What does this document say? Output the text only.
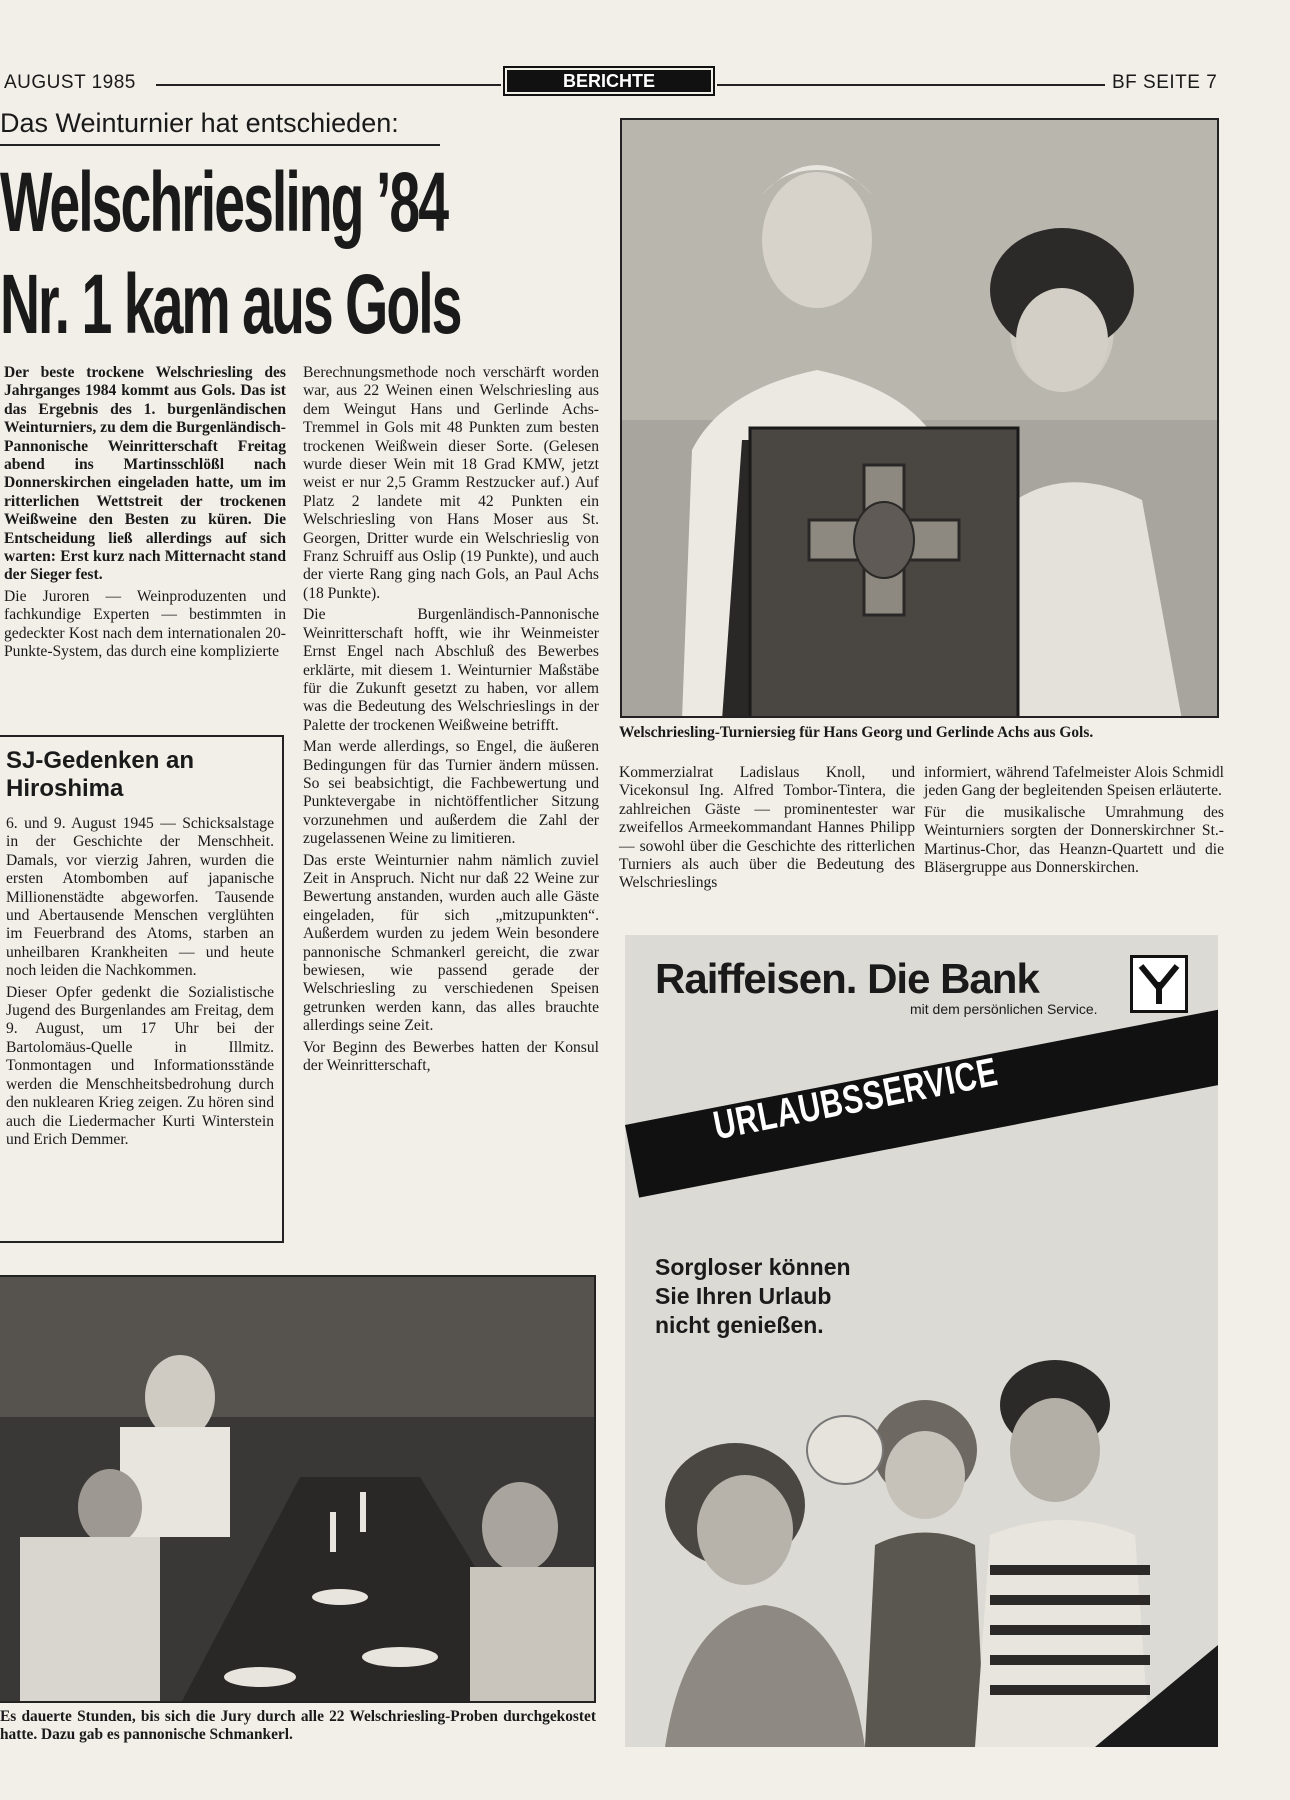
AUGUST 1985	BERICHTE	BF SEITE 7
Das Weinturnier hat entschieden:
Welschriesling ’84
Nr. 1 kam aus Gols

Der beste trockene Welschriesling des Jahrganges 1984 kommt aus Gols. Das ist das Ergebnis des 1. burgenländischen Weinturniers, zu dem die Burgenländisch-Pannonische Weinritterschaft Freitag abend ins Martinsschlößl nach Donnerskirchen eingeladen hatte, um im ritterlichen Wettstreit der trockenen Weißweine den Besten zu küren. Die Entscheidung ließ allerdings auf sich warten: Erst kurz nach Mitternacht stand der Sieger fest.

Die Juroren — Weinproduzenten und fachkundige Experten — bestimmten in gedeckter Kost nach dem internationalen 20-Punkte-System, das durch eine komplizierte

SJ-Gedenken an Hiroshima

6. und 9. August 1945 — Schicksalstage in der Geschichte der Menschheit. Damals, vor vierzig Jahren, wurden die ersten Atombomben auf japanische Millionenstädte abgeworfen. Tausende und Abertausende Menschen verglühten im Feuerbrand des Atoms, starben an unheilbaren Krankheiten — und heute noch leiden die Nachkommen.

Dieser Opfer gedenkt die Sozialistische Jugend des Burgenlandes am Freitag, dem 9. August, um 17 Uhr bei der Bartolomäus-Quelle in Illmitz. Tonmontagen und Informationsstände werden die Menschheitsbedrohung durch den nuklearen Krieg zeigen. Zu hören sind auch die Liedermacher Kurti Winterstein und Erich Demmer.

Berechnungsmethode noch verschärft worden war, aus 22 Weinen einen Welschriesling aus dem Weingut Hans und Gerlinde Achs-Tremmel in Gols mit 48 Punkten zum besten trockenen Weißwein dieser Sorte. (Gelesen wurde dieser Wein mit 18 Grad KMW, jetzt weist er nur 2,5 Gramm Restzucker auf.) Auf Platz 2 landete mit 42 Punkten ein Welschriesling von Hans Moser aus St. Georgen, Dritter wurde ein Welschrieslig von Franz Schruiff aus Oslip (19 Punkte), und auch der vierte Rang ging nach Gols, an Paul Achs (18 Punkte).

Die Burgenländisch-Pannonische Weinritterschaft hofft, wie ihr Weinmeister Ernst Engel nach Abschluß des Bewerbes erklärte, mit diesem 1. Weinturnier Maßstäbe für die Zukunft gesetzt zu haben, vor allem was die Bedeutung des Welschrieslings in der Palette der trockenen Weißweine betrifft.

Man werde allerdings, so Engel, die äußeren Bedingungen für das Turnier ändern müssen. So sei beabsichtigt, die Fachbewertung und Punktevergabe in nichtöffentlicher Sitzung vorzunehmen und außerdem die Zahl der zugelassenen Weine zu limitieren.

Das erste Weinturnier nahm nämlich zuviel Zeit in Anspruch. Nicht nur daß 22 Weine zur Bewertung anstanden, wurden auch alle Gäste eingeladen, für sich „mitzupunkten“. Außerdem wurden zu jedem Wein besondere pannonische Schmankerl gereicht, die zwar bewiesen, wie passend gerade der Welschriesling zu verschiedenen Speisen getrunken werden kann, das alles brauchte allerdings seine Zeit.

Vor Beginn des Bewerbes hatten der Konsul der Weinritterschaft,

Welschriesling-Turniersieg für Hans Georg und Gerlinde Achs aus Gols.

Kommerzialrat Ladislaus Knoll, und Vicekonsul Ing. Alfred Tombor-Tintera, die zahlreichen Gäste — prominentester war zweifellos Armeekommandant Hannes Philipp — sowohl über die Geschichte des ritterlichen Turniers als auch über die Bedeutung des Welschrieslings

informiert, während Tafelmeister Alois Schmidl jeden Gang der begleitenden Speisen erläuterte.

Für die musikalische Umrahmung des Weinturniers sorgten der Donnerskirchner St.-Martinus-Chor, das Heanzn-Quartett und die Bläsergruppe aus Donnerskirchen.

Es dauerte Stunden, bis sich die Jury durch alle 22 Welschriesling-Proben durchgekostet hatte. Dazu gab es pannonische Schmankerl.
Raiffeisen. Die Bank
mit dem persönlichen Service.
URLAUBSSERVICE
Sorgloser können Sie Ihren Urlaub nicht genießen.
